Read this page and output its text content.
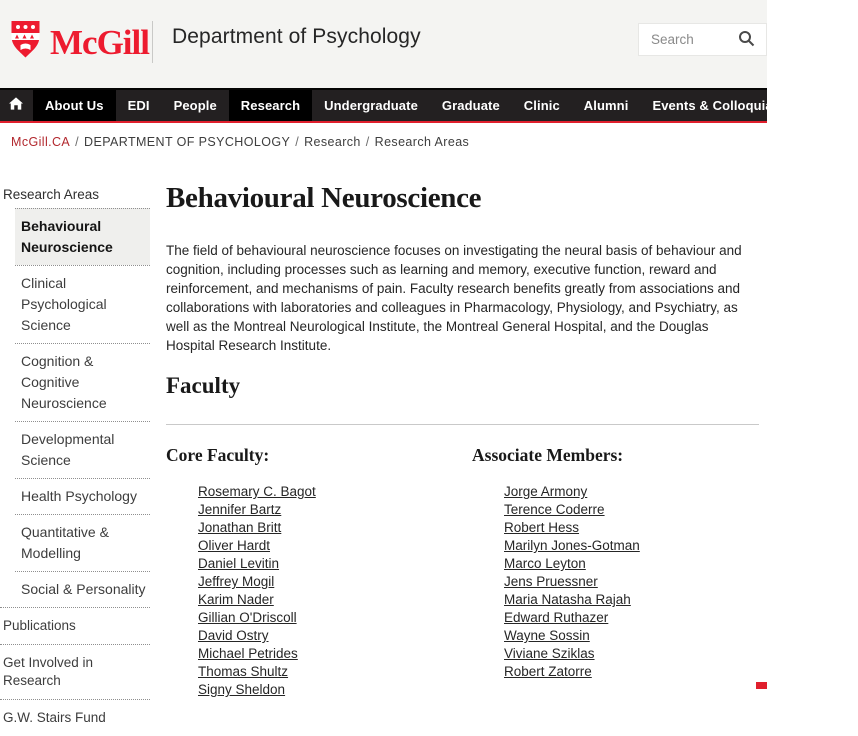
McGill Department of Psychology
Search
About Us EDI People Research Undergraduate Graduate Clinic Alumni Events & Colloquia Careers
McGill.CA / DEPARTMENT OF PSYCHOLOGY / Research / Research Areas
Research Areas
Behavioural Neuroscience
Clinical Psychological Science
Cognition & Cognitive Neuroscience
Developmental Science
Health Psychology
Quantitative & Modelling
Social & Personality
Publications
Get Involved in Research
G.W. Stairs Fund
Behavioural Neuroscience

The field of behavioural neuroscience focuses on investigating the neural basis of behaviour and cognition, including processes such as learning and memory, executive function, reward and reinforcement, and mechanisms of pain. Faculty research benefits greatly from associations and collaborations with laboratories and colleagues in Pharmacology, Physiology, and Psychiatry, as well as the Montreal Neurological Institute, the Montreal General Hospital, and the Douglas Hospital Research Institute.

Faculty
Core Faculty:
Rosemary C. Bagot
Jennifer Bartz
Jonathan Britt
Oliver Hardt
Daniel Levitin
Jeffrey Mogil
Karim Nader
Gillian O'Driscoll
David Ostry
Michael Petrides
Thomas Shultz
Signy Sheldon
Associate Members:
Jorge Armony
Terence Coderre
Robert Hess
Marilyn Jones-Gotman
Marco Leyton
Jens Pruessner
Maria Natasha Rajah
Edward Ruthazer
Wayne Sossin
Viviane Sziklas
Robert Zatorre
